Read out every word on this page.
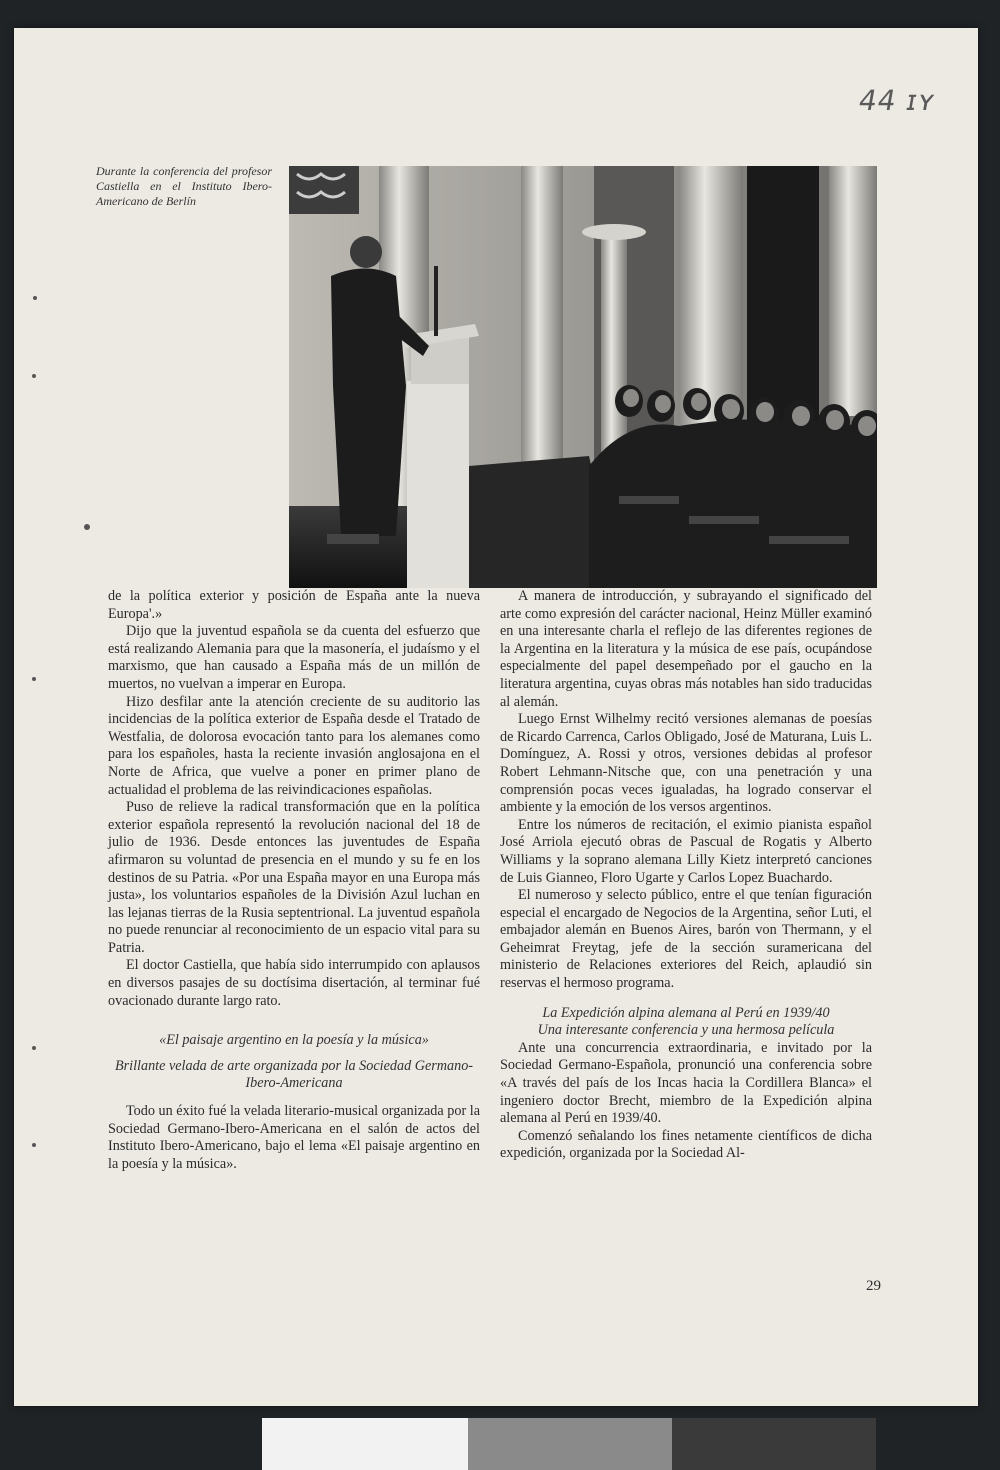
44 ɪʏ
Durante la conferencia del profesor Castiella en el Instituto Ibero-Americano de Berlín
29

de la política exterior y posición de España ante la nueva Europa'.»

Dijo que la juventud española se da cuenta del esfuerzo que está realizando Alemania para que la masonería, el judaísmo y el marxismo, que han causado a España más de un millón de muertos, no vuelvan a imperar en Europa.

Hizo desfilar ante la atención creciente de su auditorio las incidencias de la política exterior de España desde el Tratado de Westfalia, de dolorosa evocación tanto para los alemanes como para los españoles, hasta la reciente invasión anglosajona en el Norte de Africa, que vuelve a poner en primer plano de actualidad el problema de las reivindicaciones españolas.

Puso de relieve la radical transformación que en la política exterior española representó la revolución nacional del 18 de julio de 1936. Desde entonces las juventudes de España afirmaron su voluntad de presencia en el mundo y su fe en los destinos de su Patria. «Por una España mayor en una Europa más justa», los voluntarios españoles de la División Azul luchan en las lejanas tierras de la Rusia septentrional. La juventud española no puede renunciar al reconocimiento de un espacio vital para su Patria.

El doctor Castiella, que había sido interrumpido con aplausos en diversos pasajes de su doctísima disertación, al terminar fué ovacionado durante largo rato.

«El paisaje argentino en la poesía y la música»

Brillante velada de arte organizada por la Sociedad Germano-Ibero-Americana

Todo un éxito fué la velada literario-musical organizada por la Sociedad Germano-Ibero-Americana en el salón de actos del Instituto Ibero-Americano, bajo el lema «El paisaje argentino en la poesía y la música».

A manera de introducción, y subrayando el significado del arte como expresión del carácter nacional, Heinz Müller examinó en una interesante charla el reflejo de las diferentes regiones de la Argentina en la literatura y la música de ese país, ocupándose especialmente del papel desempeñado por el gaucho en la literatura argentina, cuyas obras más notables han sido traducidas al alemán.

Luego Ernst Wilhelmy recitó versiones alemanas de poesías de Ricardo Carrenca, Carlos Obligado, José de Maturana, Luis L. Domínguez, A. Rossi y otros, versiones debidas al profesor Robert Lehmann-Nitsche que, con una penetración y una comprensión pocas veces igualadas, ha logrado conservar el ambiente y la emoción de los versos argentinos.

Entre los números de recitación, el eximio pianista español José Arriola ejecutó obras de Pascual de Rogatis y Alberto Williams y la soprano alemana Lilly Kietz interpretó canciones de Luis Gianneo, Floro Ugarte y Carlos Lopez Buachardo.

El numeroso y selecto público, entre el que tenían figuración especial el encargado de Negocios de la Argentina, señor Luti, el embajador alemán en Buenos Aires, barón von Thermann, y el Geheimrat Freytag, jefe de la sección suramericana del ministerio de Relaciones exteriores del Reich, aplaudió sin reservas el hermoso programa.

La Expedición alpina alemana al Perú en 1939/40

Una interesante conferencia y una hermosa película

Ante una concurrencia extraordinaria, e invitado por la Sociedad Germano-Española, pronunció una conferencia sobre «A través del país de los Incas hacia la Cordillera Blanca» el ingeniero doctor Brecht, miembro de la Expedición alpina alemana al Perú en 1939/40.

Comenzó señalando los fines netamente científicos de dicha expedición, organizada por la Sociedad Al-
